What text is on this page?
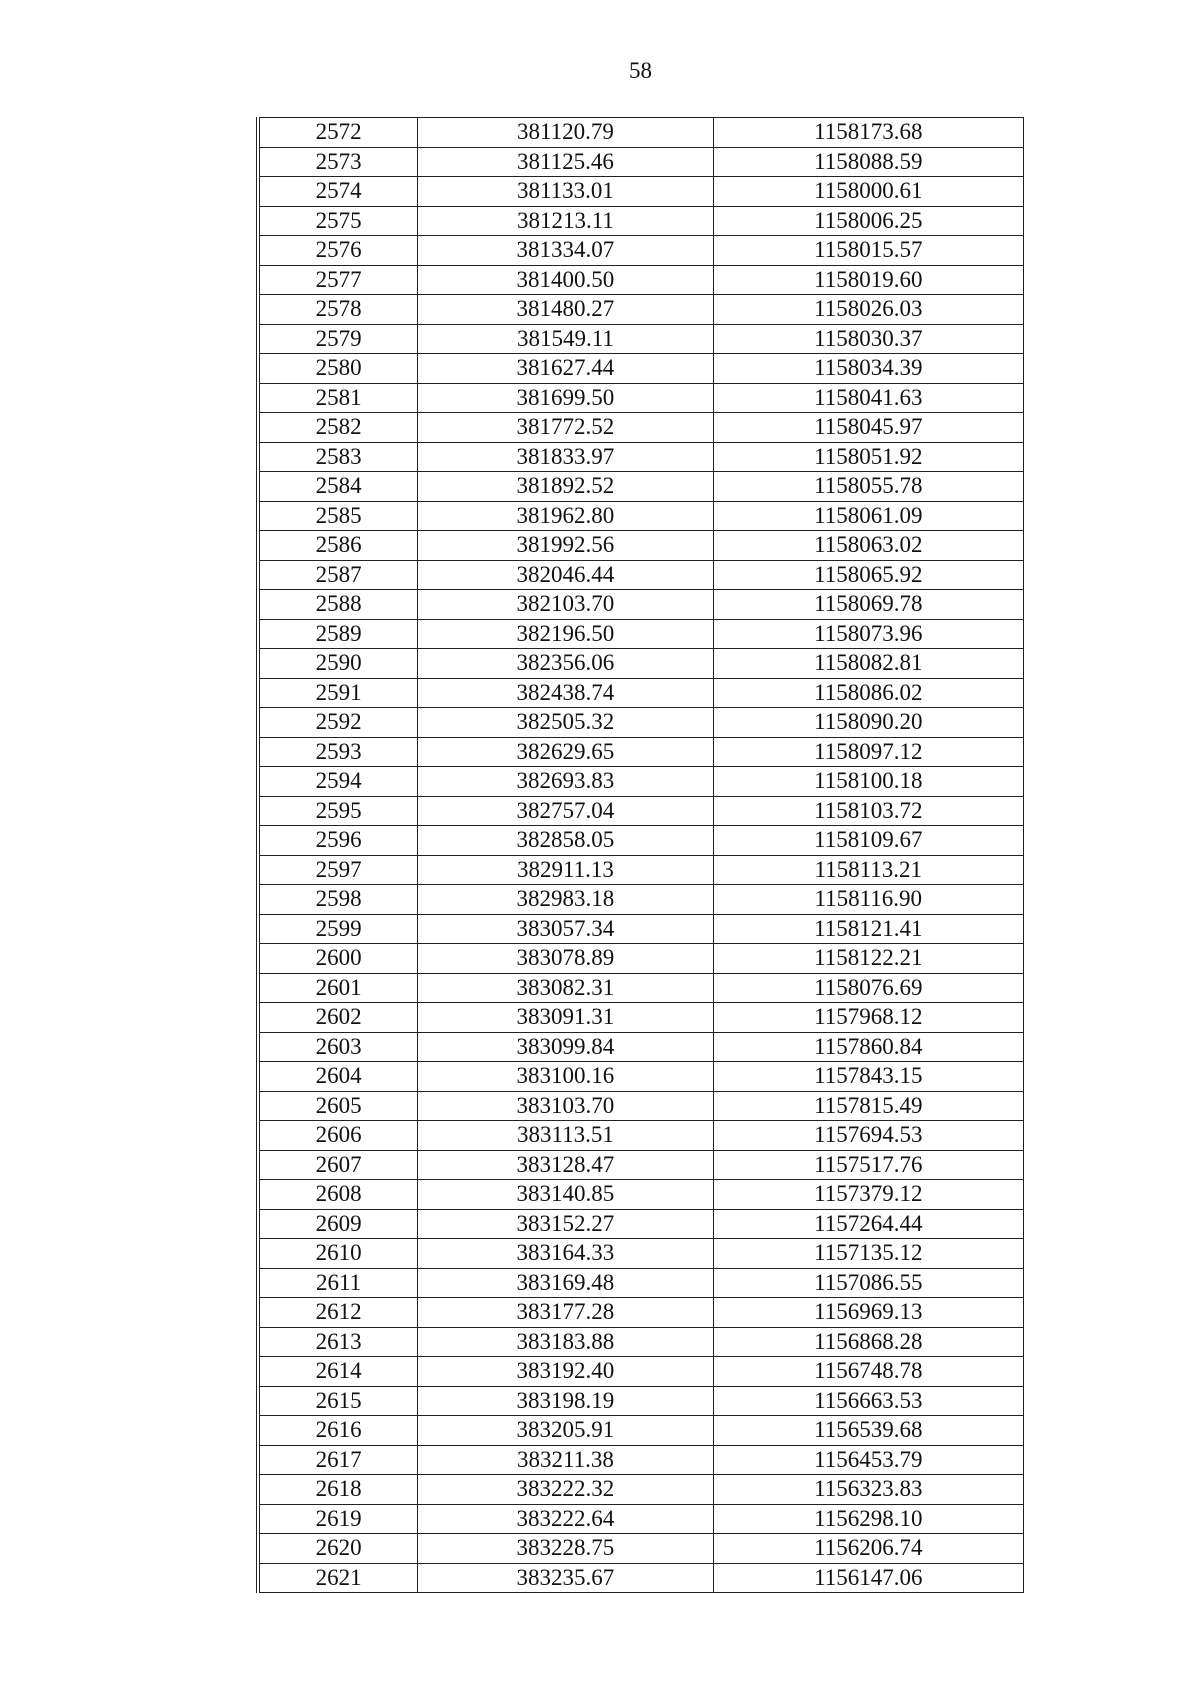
58
2572	381120.79	1158173.68
2573	381125.46	1158088.59
2574	381133.01	1158000.61
2575	381213.11	1158006.25
2576	381334.07	1158015.57
2577	381400.50	1158019.60
2578	381480.27	1158026.03
2579	381549.11	1158030.37
2580	381627.44	1158034.39
2581	381699.50	1158041.63
2582	381772.52	1158045.97
2583	381833.97	1158051.92
2584	381892.52	1158055.78
2585	381962.80	1158061.09
2586	381992.56	1158063.02
2587	382046.44	1158065.92
2588	382103.70	1158069.78
2589	382196.50	1158073.96
2590	382356.06	1158082.81
2591	382438.74	1158086.02
2592	382505.32	1158090.20
2593	382629.65	1158097.12
2594	382693.83	1158100.18
2595	382757.04	1158103.72
2596	382858.05	1158109.67
2597	382911.13	1158113.21
2598	382983.18	1158116.90
2599	383057.34	1158121.41
2600	383078.89	1158122.21
2601	383082.31	1158076.69
2602	383091.31	1157968.12
2603	383099.84	1157860.84
2604	383100.16	1157843.15
2605	383103.70	1157815.49
2606	383113.51	1157694.53
2607	383128.47	1157517.76
2608	383140.85	1157379.12
2609	383152.27	1157264.44
2610	383164.33	1157135.12
2611	383169.48	1157086.55
2612	383177.28	1156969.13
2613	383183.88	1156868.28
2614	383192.40	1156748.78
2615	383198.19	1156663.53
2616	383205.91	1156539.68
2617	383211.38	1156453.79
2618	383222.32	1156323.83
2619	383222.64	1156298.10
2620	383228.75	1156206.74
2621	383235.67	1156147.06
